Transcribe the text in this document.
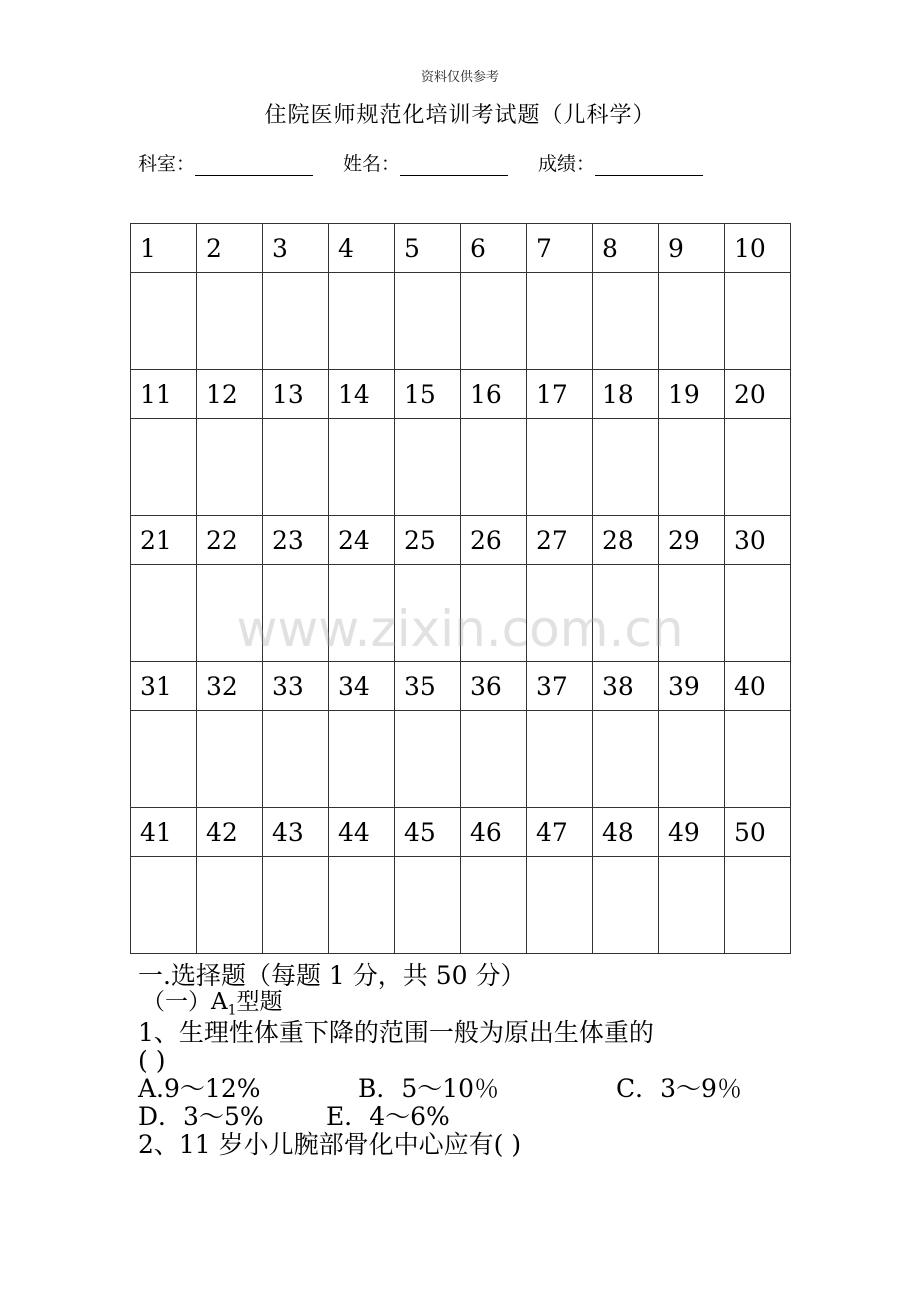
资料仅供参考
住院医师规范化培训考试题（儿科学）
科室：	姓名：	成绩：
1	2	3	4	5	6	7	8	9	10

11	12	13	14	15	16	17	18	19	20

21	22	23	24	25	26	27	28	29	30

31	32	33	34	35	36	37	38	39	40

41	42	43	44	45	46	47	48	49	50

www.zixin.com.cn
一.选择题（每题 1 分，共 50 分）
（一）$A_1$型题
1、生理性体重下降的范围一般为原出生体重的
( )
A.9～12%	B．5～10％	C．3～9％
D．3～5% E．4～6%
2、11 岁小儿腕部骨化中心应有( )
